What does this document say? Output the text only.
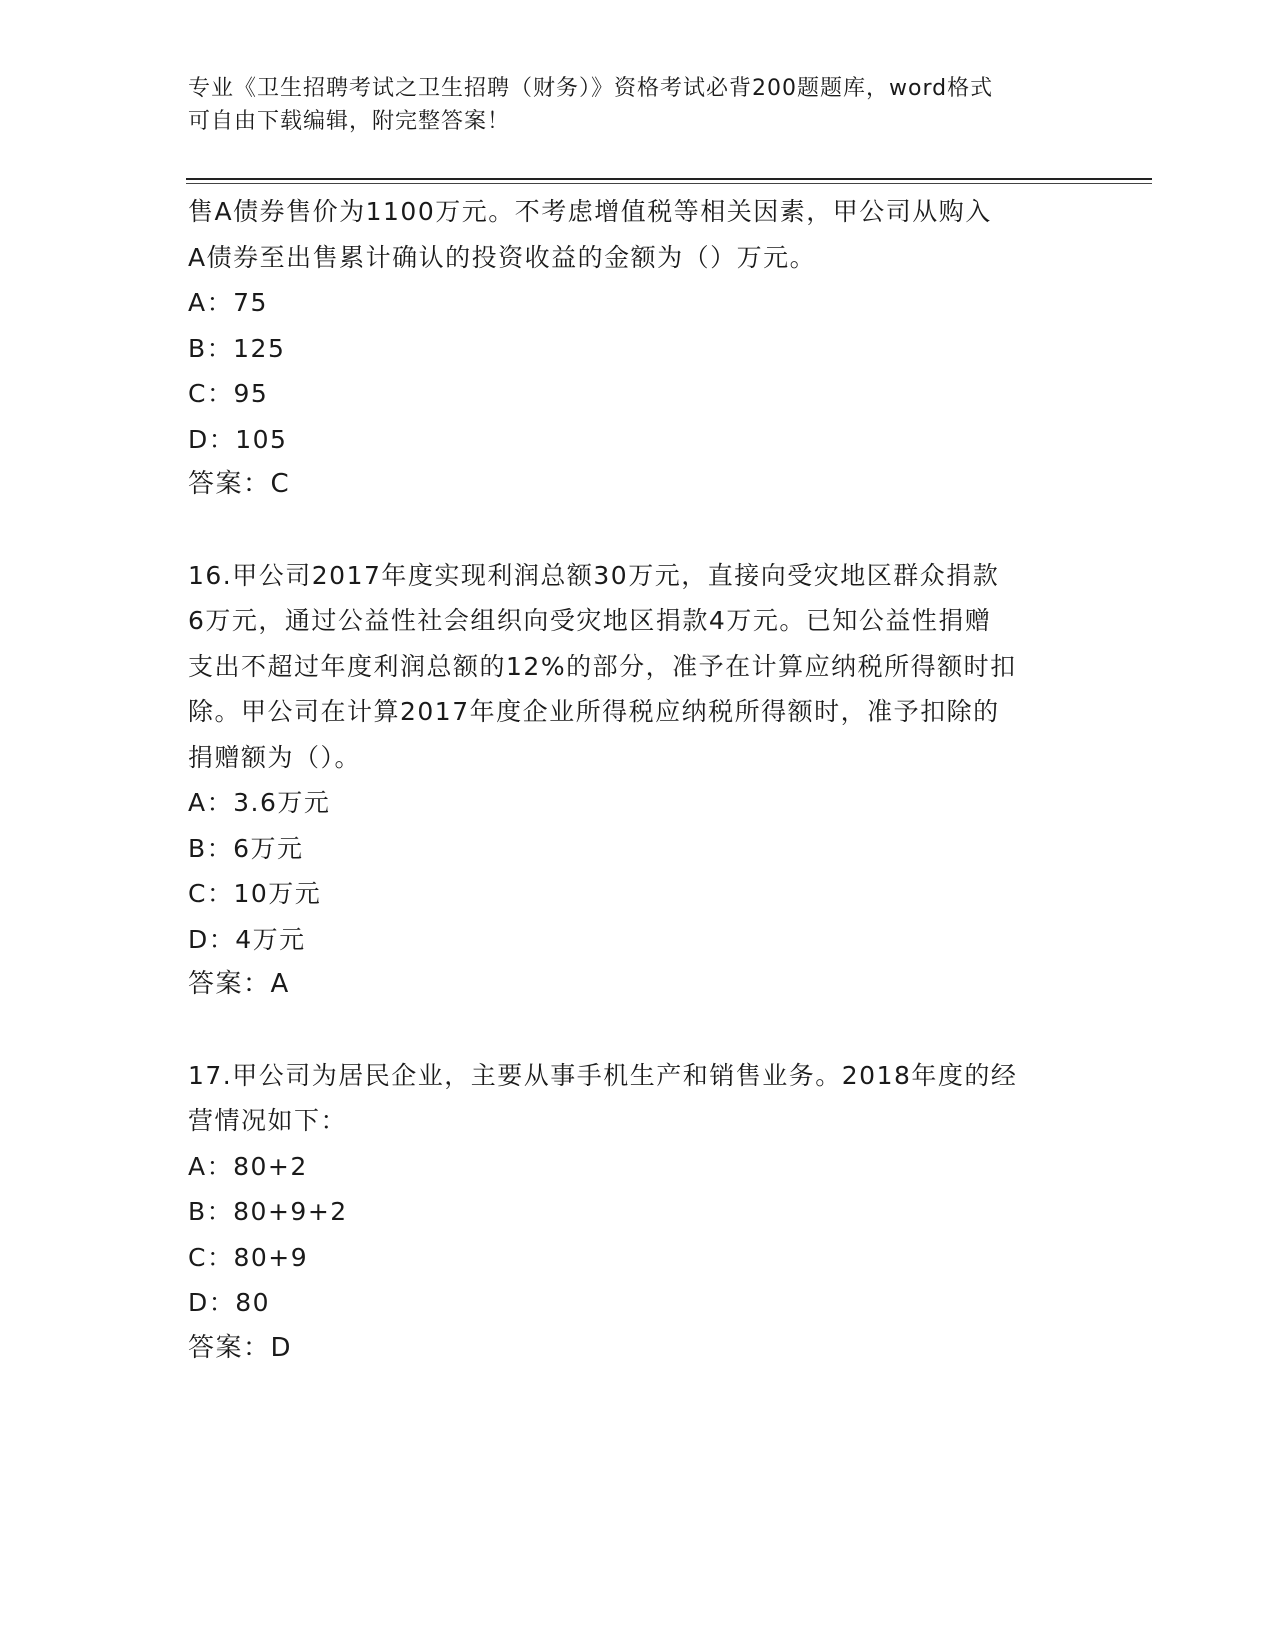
专业《卫生招聘考试之卫生招聘（财务）》资格考试必背200题题库，word格式
可自由下载编辑，附完整答案！
售A债券售价为1100万元。不考虑增值税等相关因素，甲公司从购入
A债券至出售累计确认的投资收益的金额为（）万元。
A：75
B：125
C：95
D：105
答案：C
16.甲公司2017年度实现利润总额30万元，直接向受灾地区群众捐款
6万元，通过公益性社会组织向受灾地区捐款4万元。已知公益性捐赠
支出不超过年度利润总额的12%的部分，准予在计算应纳税所得额时扣
除。甲公司在计算2017年度企业所得税应纳税所得额时，准予扣除的
捐赠额为（）。
A：3.6万元
B：6万元
C：10万元
D：4万元
答案：A
17.甲公司为居民企业，主要从事手机生产和销售业务。2018年度的经
营情况如下：
A：80+2
B：80+9+2
C：80+9
D：80
答案：D
